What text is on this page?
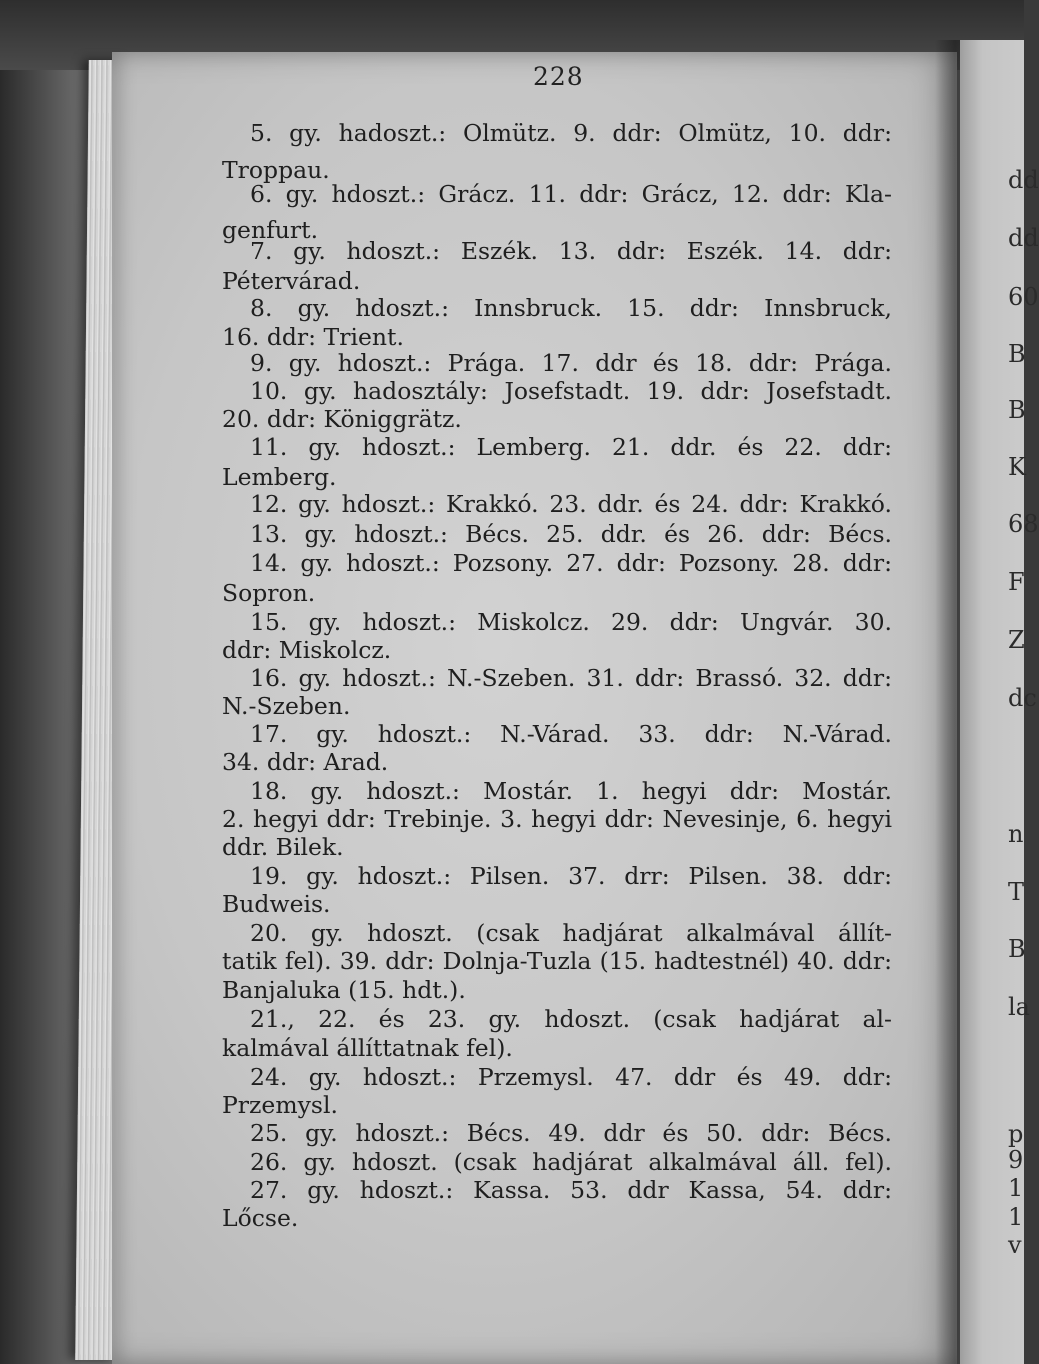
228
5. gy. hadoszt.: Olmütz. 9. ddr: Olmütz, 10. ddr:
Troppau.
6. gy. hdoszt.: Grácz. 11. ddr: Grácz, 12. ddr: Kla-
genfurt.
7. gy. hdoszt.: Eszék. 13. ddr: Eszék. 14. ddr:
Pétervárad.
8. gy. hdoszt.: Innsbruck. 15. ddr: Innsbruck,
16. ddr: Trient.
9. gy. hdoszt.: Prága. 17. ddr és 18. ddr: Prága.
10. gy. hadosztály: Josefstadt. 19. ddr: Josefstadt.
20. ddr: Königgrätz.
11. gy. hdoszt.: Lemberg. 21. ddr. és 22. ddr:
Lemberg.
12. gy. hdoszt.: Krakkó. 23. ddr. és 24. ddr: Krakkó.
13. gy. hdoszt.: Bécs. 25. ddr. és 26. ddr: Bécs.
14. gy. hdoszt.: Pozsony. 27. ddr: Pozsony. 28. ddr:
Sopron.
15. gy. hdoszt.: Miskolcz. 29. ddr: Ungvár. 30.
ddr: Miskolcz.
16. gy. hdoszt.: N.-Szeben. 31. ddr: Brassó. 32. ddr:
N.-Szeben.
17. gy. hdoszt.: N.-Várad. 33. ddr: N.-Várad.
34. ddr: Arad.
18. gy. hdoszt.: Mostár. 1. hegyi ddr: Mostár.
2. hegyi ddr: Trebinje. 3. hegyi ddr: Nevesinje, 6. hegyi
ddr. Bilek.
19. gy. hdoszt.: Pilsen. 37. drr: Pilsen. 38. ddr:
Budweis.
20. gy. hdoszt. (csak hadjárat alkalmával állít-
tatik fel). 39. ddr: Dolnja-Tuzla (15. hadtestnél) 40. ddr:
Banjaluka (15. hdt.).
21., 22. és 23. gy. hdoszt. (csak hadjárat al-
kalmával állíttatnak fel).
24. gy. hdoszt.: Przemysl. 47. ddr és 49. ddr:
Przemysl.
25. gy. hdoszt.: Bécs. 49. ddr és 50. ddr: Bécs.
26. gy. hdoszt. (csak hadjárat alkalmával áll. fel).
27. gy. hdoszt.: Kassa. 53. ddr Kassa, 54. ddr:
Lőcse.
dd
dd
60
B
B
K
68
F
Z
dc
n
T
B
la
p
9
1
1
v
